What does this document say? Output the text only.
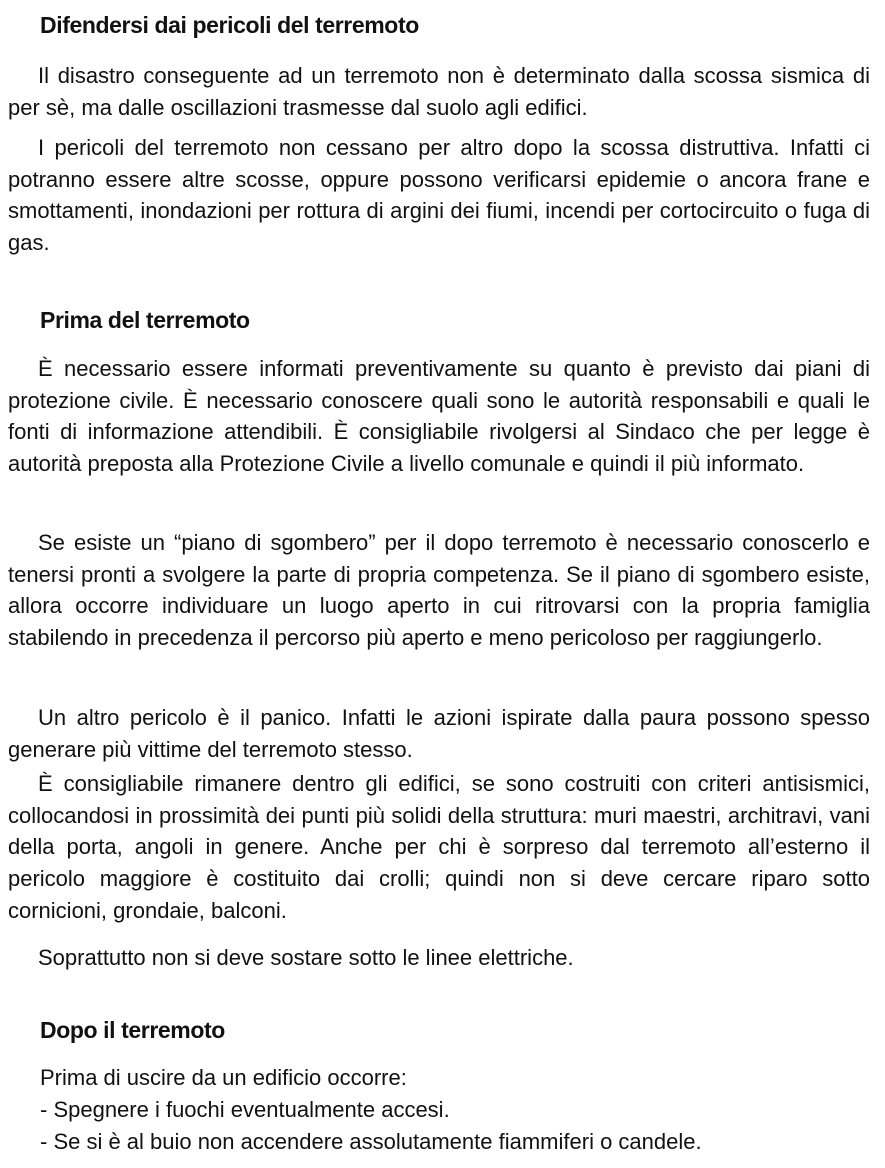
Difendersi dai pericoli del terremoto

Il disastro conseguente ad un terremoto non è determinato dalla scossa sismica di per sè, ma dalle oscillazioni trasmesse dal suolo agli edifici.

I pericoli del terremoto non cessano per altro dopo la scossa distruttiva. Infatti ci potranno essere altre scosse, oppure possono verificarsi epidemie o ancora frane e smottamenti, inondazioni per rottura di argini dei fiumi, incendi per cortocircuito o fuga di gas.

Prima del terremoto

È necessario essere informati preventivamente su quanto è previsto dai piani di protezione civile. È necessario conoscere quali sono le autorità responsabili e quali le fonti di informazione attendibili. È consigliabile rivolgersi al Sindaco che per legge è autorità preposta alla Protezione Civile a livello comunale e quindi il più informato.

Se esiste un “piano di sgombero” per il dopo terremoto è necessario conoscerlo e tenersi pronti a svolgere la parte di propria competenza. Se il piano di sgombero esiste, allora occorre individuare un luogo aperto in cui ritrovarsi con la propria famiglia stabilendo in precedenza il percorso più aperto e meno pericoloso per raggiungerlo.

Un altro pericolo è il panico. Infatti le azioni ispirate dalla paura possono spesso generare più vittime del terremoto stesso.

È consigliabile rimanere dentro gli edifici, se sono costruiti con criteri antisismici, collocandosi in prossimità dei punti più solidi della struttura: muri maestri, architravi, vani della porta, angoli in genere. Anche per chi è sorpreso dal terremoto all’esterno il pericolo maggiore è costituito dai crolli; quindi non si deve cercare riparo sotto cornicioni, grondaie, balconi.

Soprattutto non si deve sostare sotto le linee elettriche.

Dopo il terremoto

Prima di uscire da un edificio occorre:

- Spegnere i fuochi eventualmente accesi.

- Se si è al buio non accendere assolutamente fiammiferi o candele.
